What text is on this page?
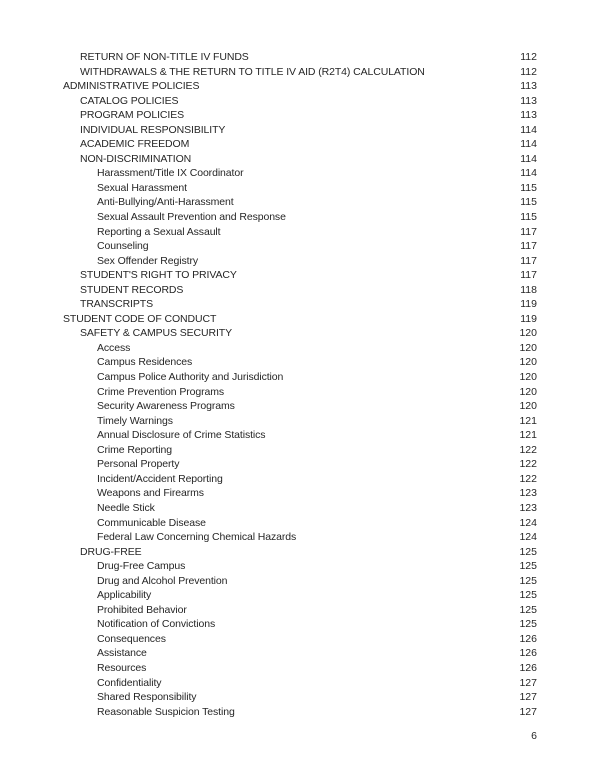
RETURN OF NON-TITLE IV FUNDS	112
WITHDRAWALS & THE RETURN TO TITLE IV AID (R2T4) CALCULATION	112
ADMINISTRATIVE POLICIES	113
CATALOG POLICIES	113
PROGRAM POLICIES	113
INDIVIDUAL RESPONSIBILITY	114
ACADEMIC FREEDOM	114
NON-DISCRIMINATION	114
Harassment/Title IX Coordinator	114
Sexual Harassment	115
Anti-Bullying/Anti-Harassment	115
Sexual Assault Prevention and Response	115
Reporting a Sexual Assault	117
Counseling	117
Sex Offender Registry	117
STUDENT'S RIGHT TO PRIVACY	117
STUDENT RECORDS	118
TRANSCRIPTS	119
STUDENT CODE OF CONDUCT	119
SAFETY & CAMPUS SECURITY	120
Access	120
Campus Residences	120
Campus Police Authority and Jurisdiction	120
Crime Prevention Programs	120
Security Awareness Programs	120
Timely Warnings	121
Annual Disclosure of Crime Statistics	121
Crime Reporting	122
Personal Property	122
Incident/Accident Reporting	122
Weapons and Firearms	123
Needle Stick	123
Communicable Disease	124
Federal Law Concerning Chemical Hazards	124
DRUG-FREE	125
Drug-Free Campus	125
Drug and Alcohol Prevention	125
Applicability	125
Prohibited Behavior	125
Notification of Convictions	125
Consequences	126
Assistance	126
Resources	126
Confidentiality	127
Shared Responsibility	127
Reasonable Suspicion Testing	127
6
